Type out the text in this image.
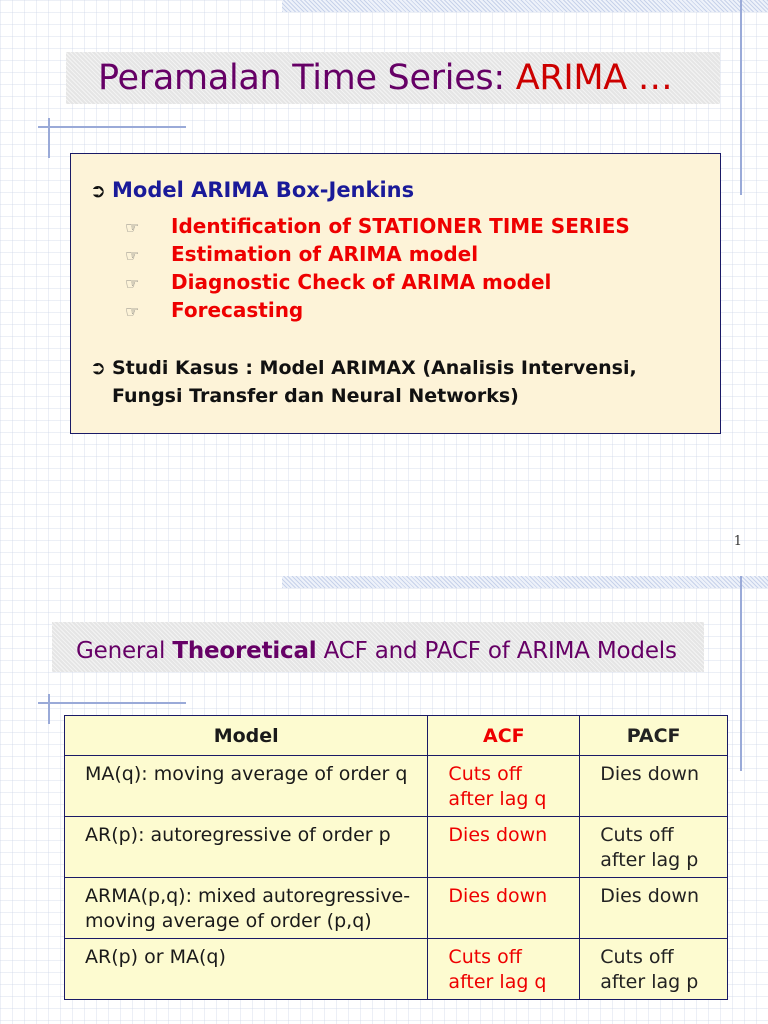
Peramalan Time Series: ARIMA …
➲ Model ARIMA Box-Jenkins
☞ Identification of STATIONER TIME SERIES
☞ Estimation of ARIMA model
☞ Diagnostic Check of ARIMA model
☞ Forecasting
➲ Studi Kasus : Model ARIMAX (Analisis Intervensi,
Fungsi Transfer dan Neural Networks)
1
General Theoretical ACF and PACF of ARIMA Models
Model	ACF	PACF
MA(q): moving average of order q	Cuts off after lag q	Dies down
AR(p): autoregressive of order p	Dies down	Cuts off after lag p
ARMA(p,q): mixed autoregressive-moving average of order (p,q)	Dies down	Dies down
AR(p) or MA(q)	Cuts off after lag q	Cuts off after lag p
